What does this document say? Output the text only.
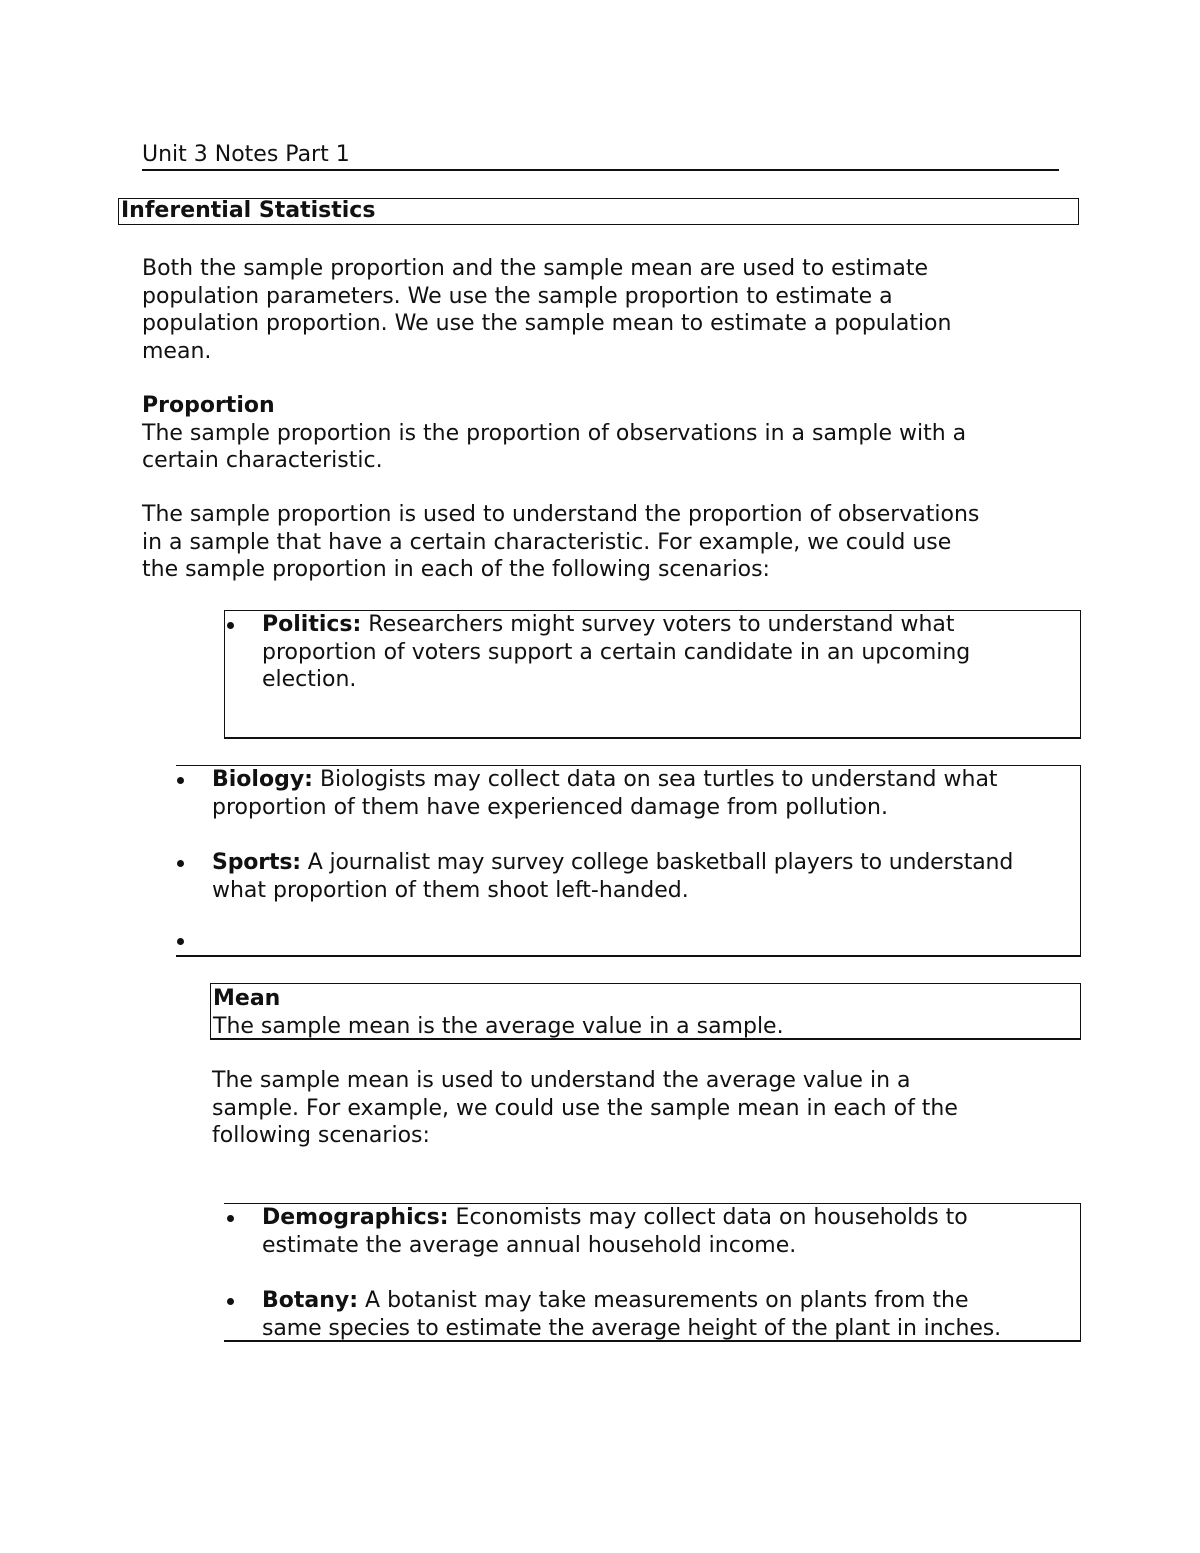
Unit 3 Notes Part 1
Inferential Statistics
Both the sample proportion and the sample mean are used to estimate
population parameters. We use the sample proportion to estimate a
population proportion. We use the sample mean to estimate a population
mean.
Proportion
The sample proportion is the proportion of observations in a sample with a
certain characteristic.
The sample proportion is used to understand the proportion of observations
in a sample that have a certain characteristic. For example, we could use
the sample proportion in each of the following scenarios:
Politics: Researchers might survey voters to understand what
proportion of voters support a certain candidate in an upcoming
election.
Biology: Biologists may collect data on sea turtles to understand what
proportion of them have experienced damage from pollution.
Sports: A journalist may survey college basketball players to understand
what proportion of them shoot left-handed.
Mean
The sample mean is the average value in a sample.
The sample mean is used to understand the average value in a
sample. For example, we could use the sample mean in each of the
following scenarios:
Demographics: Economists may collect data on households to
estimate the average annual household income.
Botany: A botanist may take measurements on plants from the
same species to estimate the average height of the plant in inches.
